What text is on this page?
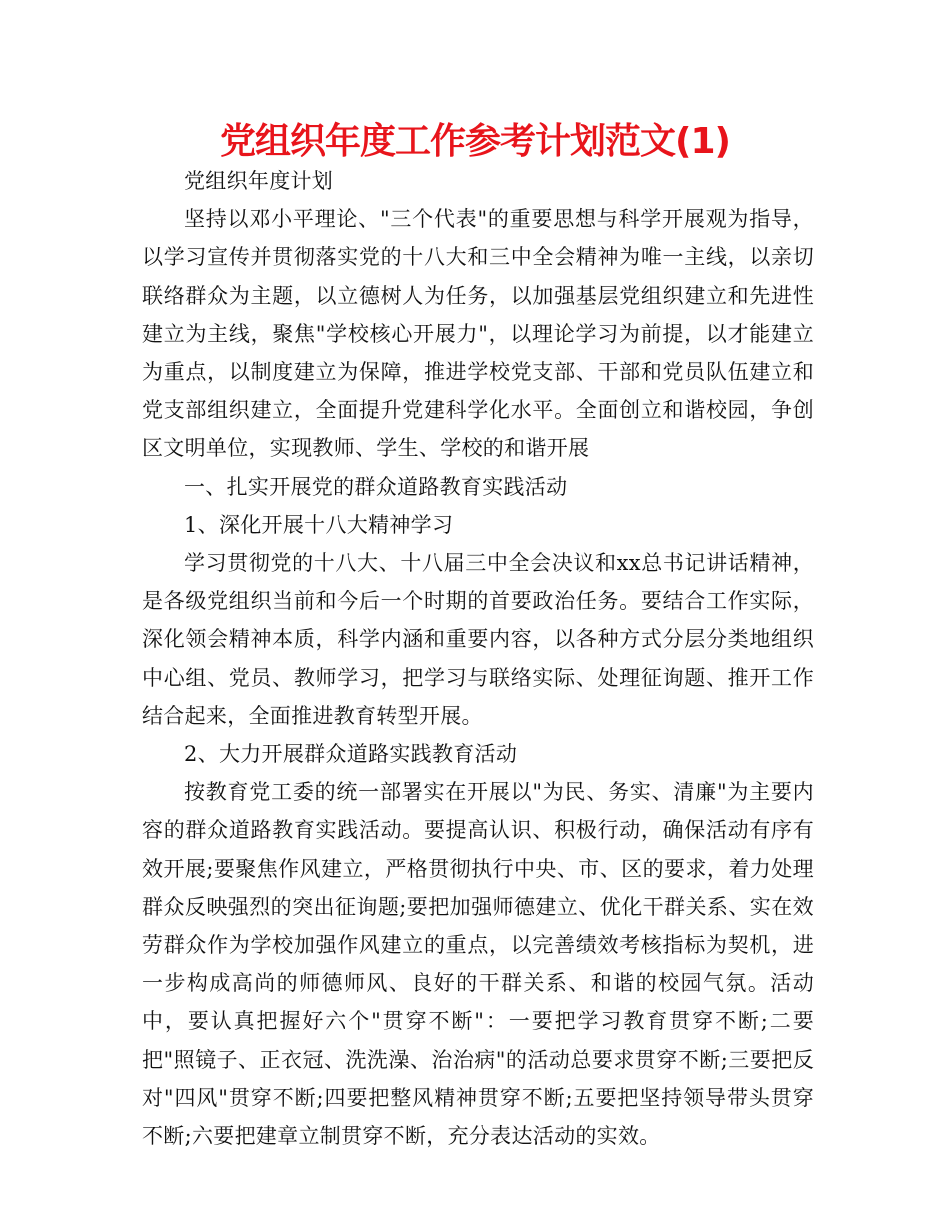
党组织年度工作参考计划范文(1)

党组织年度计划

坚持以邓小平理论、"三个代表"的重要思想与科学开展观为指导，以学习宣传并贯彻落实党的十八大和三中全会精神为唯一主线，以亲切联络群众为主题，以立德树人为任务，以加强基层党组织建立和先进性建立为主线，聚焦"学校核心开展力"，以理论学习为前提，以才能建立为重点，以制度建立为保障，推进学校党支部、干部和党员队伍建立和党支部组织建立，全面提升党建科学化水平。全面创立和谐校园，争创区文明单位，实现教师、学生、学校的和谐开展

一、扎实开展党的群众道路教育实践活动

1、深化开展十八大精神学习

学习贯彻党的十八大、十八届三中全会决议和xx总书记讲话精神，是各级党组织当前和今后一个时期的首要政治任务。要结合工作实际，深化领会精神本质，科学内涵和重要内容，以各种方式分层分类地组织中心组、党员、教师学习，把学习与联络实际、处理征询题、推开工作结合起来，全面推进教育转型开展。

2、大力开展群众道路实践教育活动

按教育党工委的统一部署实在开展以"为民、务实、清廉"为主要内容的群众道路教育实践活动。要提高认识、积极行动，确保活动有序有效开展;要聚焦作风建立，严格贯彻执行中央、市、区的要求，着力处理群众反映强烈的突出征询题;要把加强师德建立、优化干群关系、实在效劳群众作为学校加强作风建立的重点，以完善绩效考核指标为契机，进一步构成高尚的师德师风、良好的干群关系、和谐的校园气氛。活动中，要认真把握好六个"贯穿不断"：一要把学习教育贯穿不断;二要把"照镜子、正衣冠、洗洗澡、治治病"的活动总要求贯穿不断;三要把反对"四风"贯穿不断;四要把整风精神贯穿不断;五要把坚持领导带头贯穿不断;六要把建章立制贯穿不断，充分表达活动的实效。
